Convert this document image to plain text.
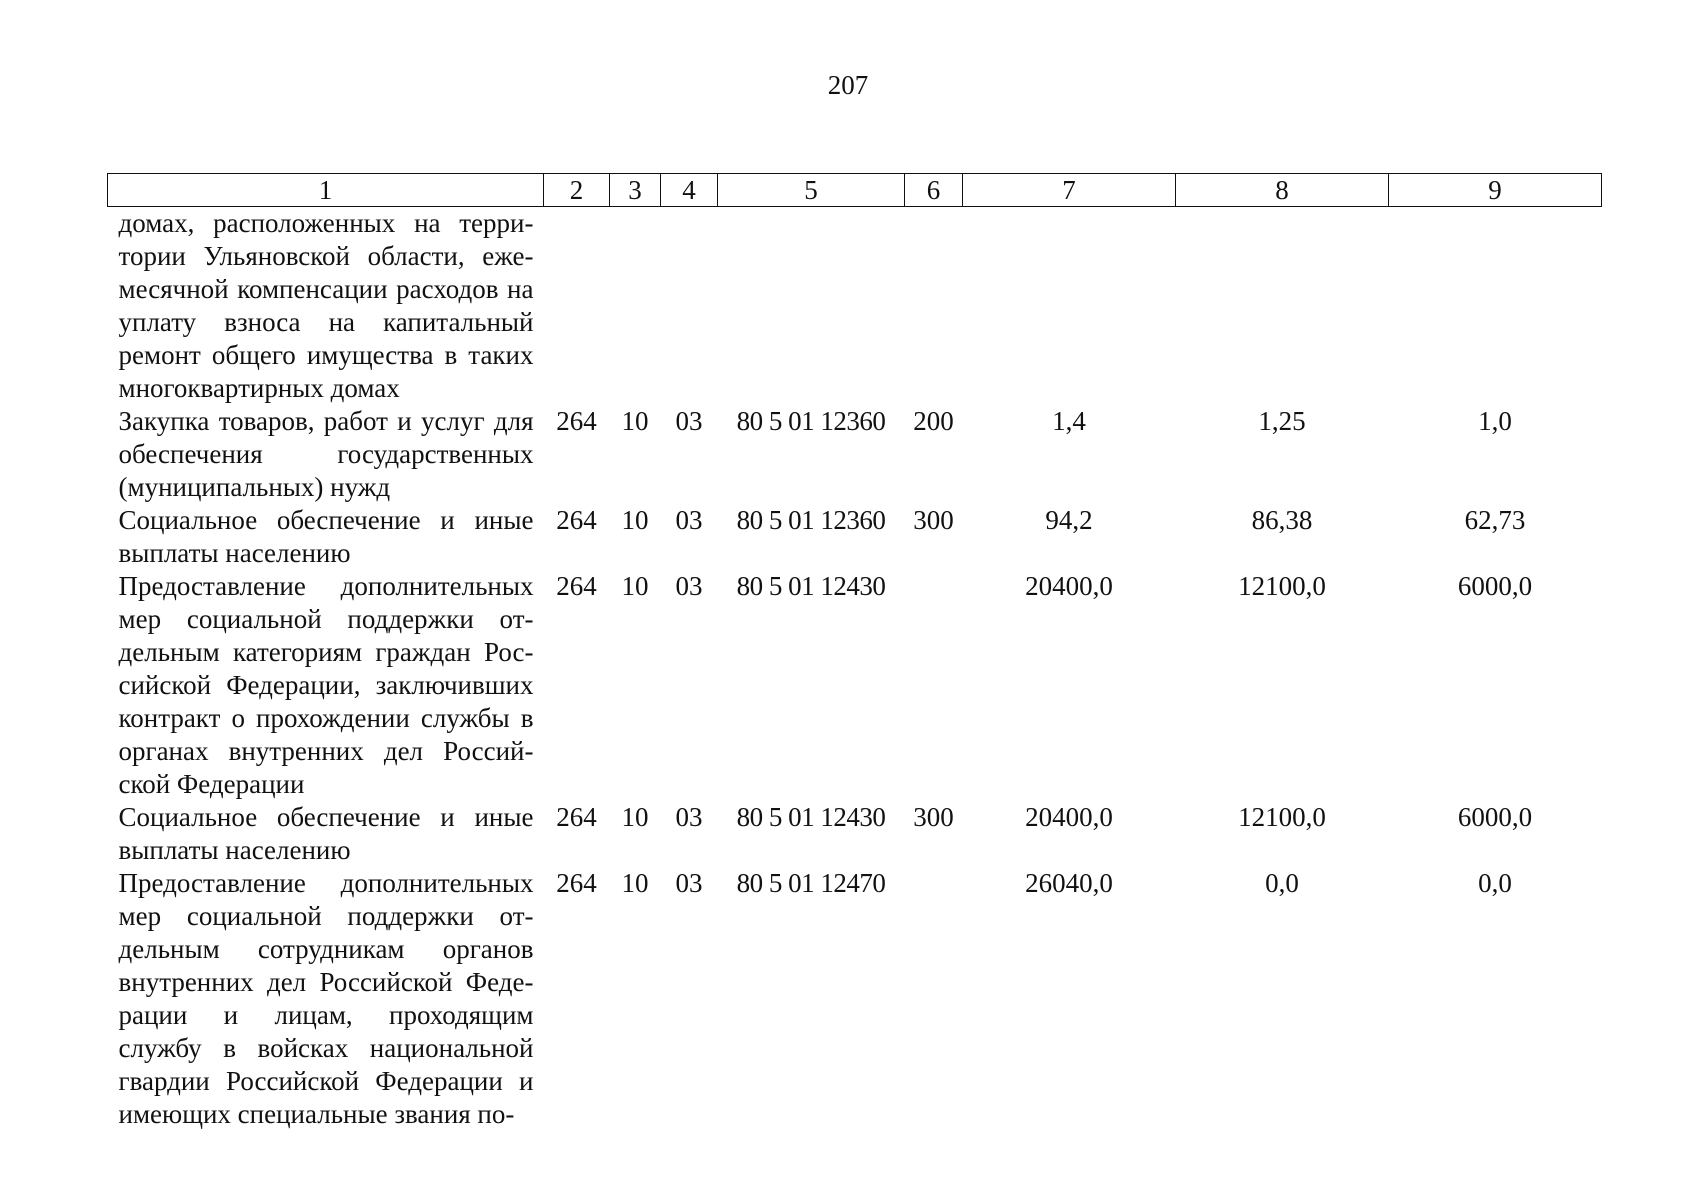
207
1	2	3	4	5	6	7	8	9
домах, расположенных на территории Ульяновской области, ежемесячной компенсации расходов на уплату взноса на капитальный ремонт общего имущества в таких многоквартирных домах								
Закупка товаров, работ и услуг для обеспечения государственных (муниципальных) нужд	264	10	03	80 5 01 12360	200	1,4	1,25	1,0
Социальное обеспечение и иные выплаты населению	264	10	03	80 5 01 12360	300	94,2	86,38	62,73
Предоставление дополнительных мер социальной поддержки отдельным категориям граждан Российской Федерации, заключивших контракт о прохождении службы в органах внутренних дел Российской Федерации	264	10	03	80 5 01 12430		20400,0	12100,0	6000,0
Социальное обеспечение и иные выплаты населению	264	10	03	80 5 01 12430	300	20400,0	12100,0	6000,0
Предоставление дополнительных мер социальной поддержки отдельным сотрудникам органов внутренних дел Российской Федерации и лицам, проходящим службу в войсках национальной гвардии Российской Федерации и имеющих специальные звания по-	264	10	03	80 5 01 12470		26040,0	0,0	0,0
